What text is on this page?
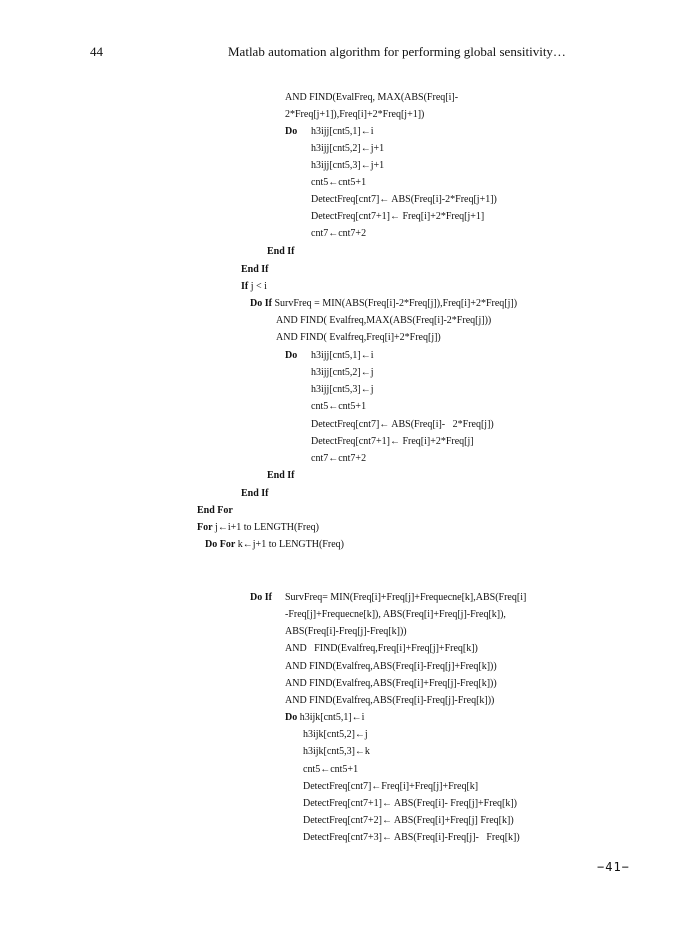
44	Matlab automation algorithm for performing global sensitivity…
AND FIND(EvalFreq, MAX(ABS(Freq[i]-
2*Freq[j+1]),Freq[i]+2*Freq[j+1])
Do h3ijj[cnt5,1]←i
h3ijj[cnt5,2]←j+1
h3ijj[cnt5,3]←j+1
cnt5←cnt5+1
DetectFreq[cnt7]← ABS(Freq[i]-2*Freq[j+1])
DetectFreq[cnt7+1]← Freq[i]+2*Freq[j+1]
cnt7←cnt7+2
End If
End If
If j < i
Do If SurvFreq = MIN(ABS(Freq[i]-2*Freq[j]),Freq[i]+2*Freq[j])
AND FIND( Evalfreq,MAX(ABS(Freq[i]-2*Freq[j]))
AND FIND( Evalfreq,Freq[i]+2*Freq[j])
Do h3ijj[cnt5,1]←i
h3ijj[cnt5,2]←j
h3ijj[cnt5,3]←j
cnt5←cnt5+1
DetectFreq[cnt7]← ABS(Freq[i]-   2*Freq[j])
DetectFreq[cnt7+1]← Freq[i]+2*Freq[j]
cnt7←cnt7+2
End If
End If
End For
For j←i+1 to LENGTH(Freq)
Do For k←j+1 to LENGTH(Freq)
Do If SurvFreq= MIN(Freq[i]+Freq[j]+Frequecne[k],ABS(Freq[i]
-Freq[j]+Frequecne[k]), ABS(Freq[i]+Freq[j]-Freq[k]),
ABS(Freq[i]-Freq[j]-Freq[k]))
AND   FIND(Evalfreq,Freq[i]+Freq[j]+Freq[k])
AND FIND(Evalfreq,ABS(Freq[i]-Freq[j]+Freq[k]))
AND FIND(Evalfreq,ABS(Freq[i]+Freq[j]-Freq[k]))
AND FIND(Evalfreq,ABS(Freq[i]-Freq[j]-Freq[k]))
Do h3ijk[cnt5,1]←i
h3ijk[cnt5,2]←j
h3ijk[cnt5,3]←k
cnt5←cnt5+1
DetectFreq[cnt7]←Freq[i]+Freq[j]+Freq[k]
DetectFreq[cnt7+1]← ABS(Freq[i]- Freq[j]+Freq[k])
DetectFreq[cnt7+2]← ABS(Freq[i]+Freq[j] Freq[k])
DetectFreq[cnt7+3]← ABS(Freq[i]-Freq[j]-   Freq[k])
−41−
